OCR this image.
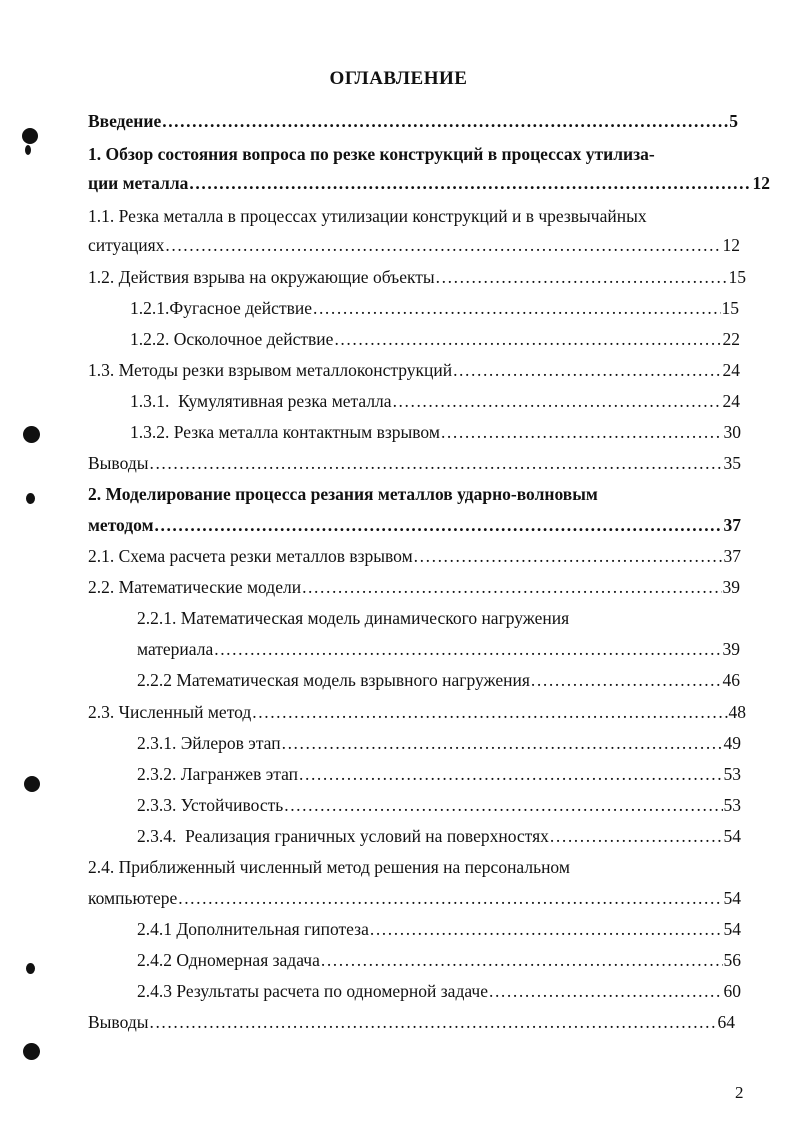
ОГЛАВЛЕНИЕ
Введение .....	5
1. Обзор состояния вопроса по резке конструкций в процессах утилиза-
ции металла .....	12
1.1. Резка металла в процессах утилизации конструкций и в чрезвычайных
ситуациях .....	12
1.2. Действия взрыва на окружающие объекты .....	15
1.2.1.Фугасное действие .....	15
1.2.2. Осколочное действие .....	22
1.3. Методы резки взрывом металлоконструкций .....	24
1.3.1.  Кумулятивная резка металла .....	24
1.3.2. Резка металла контактным взрывом .....	30
Выводы .....	35
2. Моделирование процесса резания металлов ударно-волновым
методом .....	37
2.1. Схема расчета резки металлов взрывом .....	37
2.2. Математические модели .....	39
2.2.1. Математическая модель динамического нагружения
материала .....	39
2.2.2 Математическая модель взрывного нагружения .....	46
2.3. Численный метод .....	48
2.3.1. Эйлеров этап .....	49
2.3.2. Лагранжев этап .....	53
2.3.3. Устойчивость .....	53
2.3.4.  Реализация граничных условий на поверхностях .....	54
2.4. Приближенный численный метод решения на персональном
компьютере .....	54
2.4.1 Дополнительная гипотеза .....	54
2.4.2 Одномерная задача .....	56
2.4.3 Результаты расчета по одномерной задаче .....	60
Выводы .....	64
2
